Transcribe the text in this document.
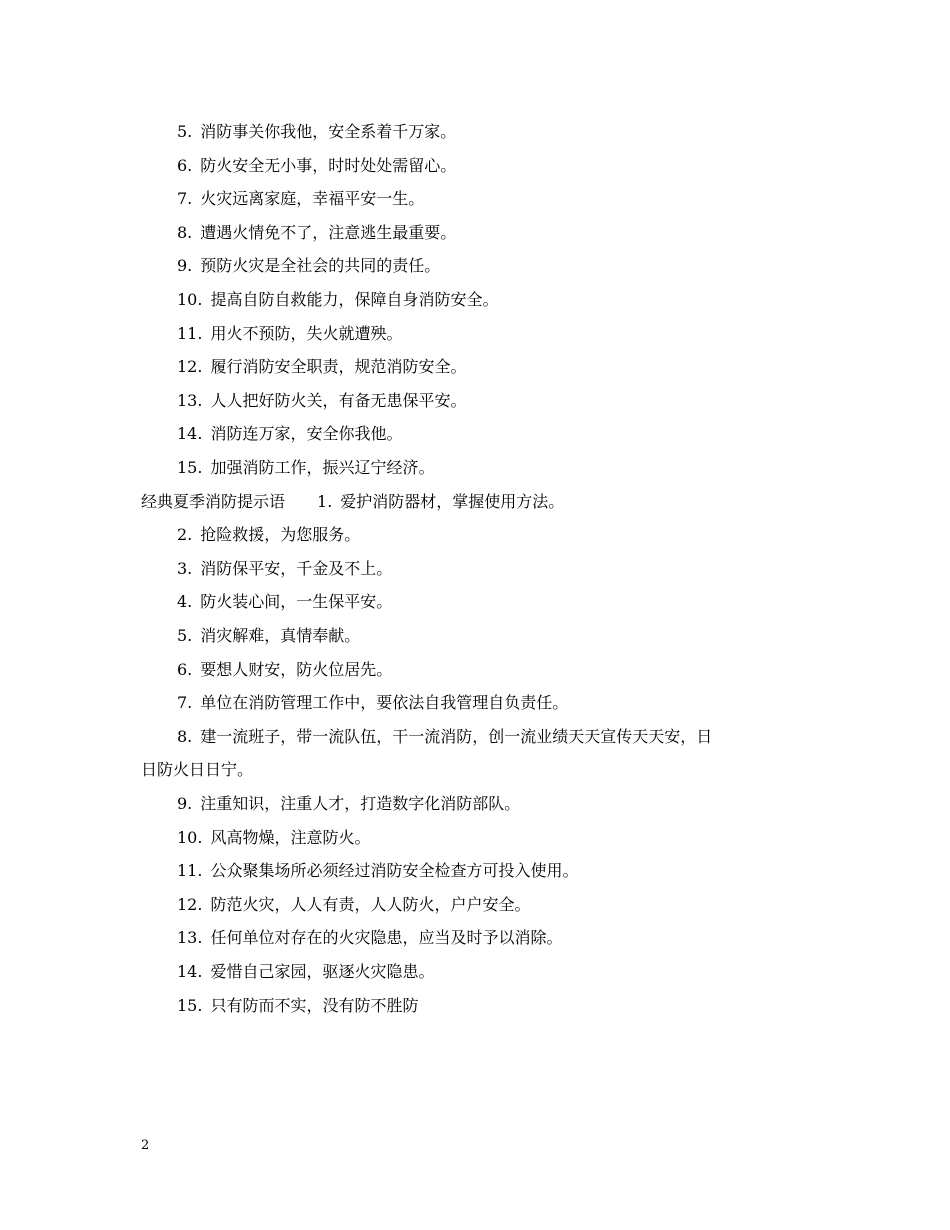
5. 消防事关你我他，安全系着千万家。
6. 防火安全无小事，时时处处需留心。
7. 火灾远离家庭，幸福平安一生。
8. 遭遇火情免不了，注意逃生最重要。
9. 预防火灾是全社会的共同的责任。
10. 提高自防自救能力，保障自身消防安全。
11. 用火不预防，失火就遭殃。
12. 履行消防安全职责，规范消防安全。
13. 人人把好防火关，有备无患保平安。
14. 消防连万家，安全你我他。
15. 加强消防工作，振兴辽宁经济。
经典夏季消防提示语 1. 爱护消防器材，掌握使用方法。
2. 抢险救援，为您服务。
3. 消防保平安，千金及不上。
4. 防火装心间，一生保平安。
5. 消灾解难，真情奉献。
6. 要想人财安，防火位居先。
7. 单位在消防管理工作中，要依法自我管理自负责任。
8. 建一流班子，带一流队伍，干一流消防，创一流业绩天天宣传天天安，日
日防火日日宁。
9. 注重知识，注重人才，打造数字化消防部队。
10. 风高物燥，注意防火。
11. 公众聚集场所必须经过消防安全检查方可投入使用。
12. 防范火灾，人人有责，人人防火，户户安全。
13. 任何单位对存在的火灾隐患，应当及时予以消除。
14. 爱惜自己家园，驱逐火灾隐患。
15. 只有防而不实，没有防不胜防
2
